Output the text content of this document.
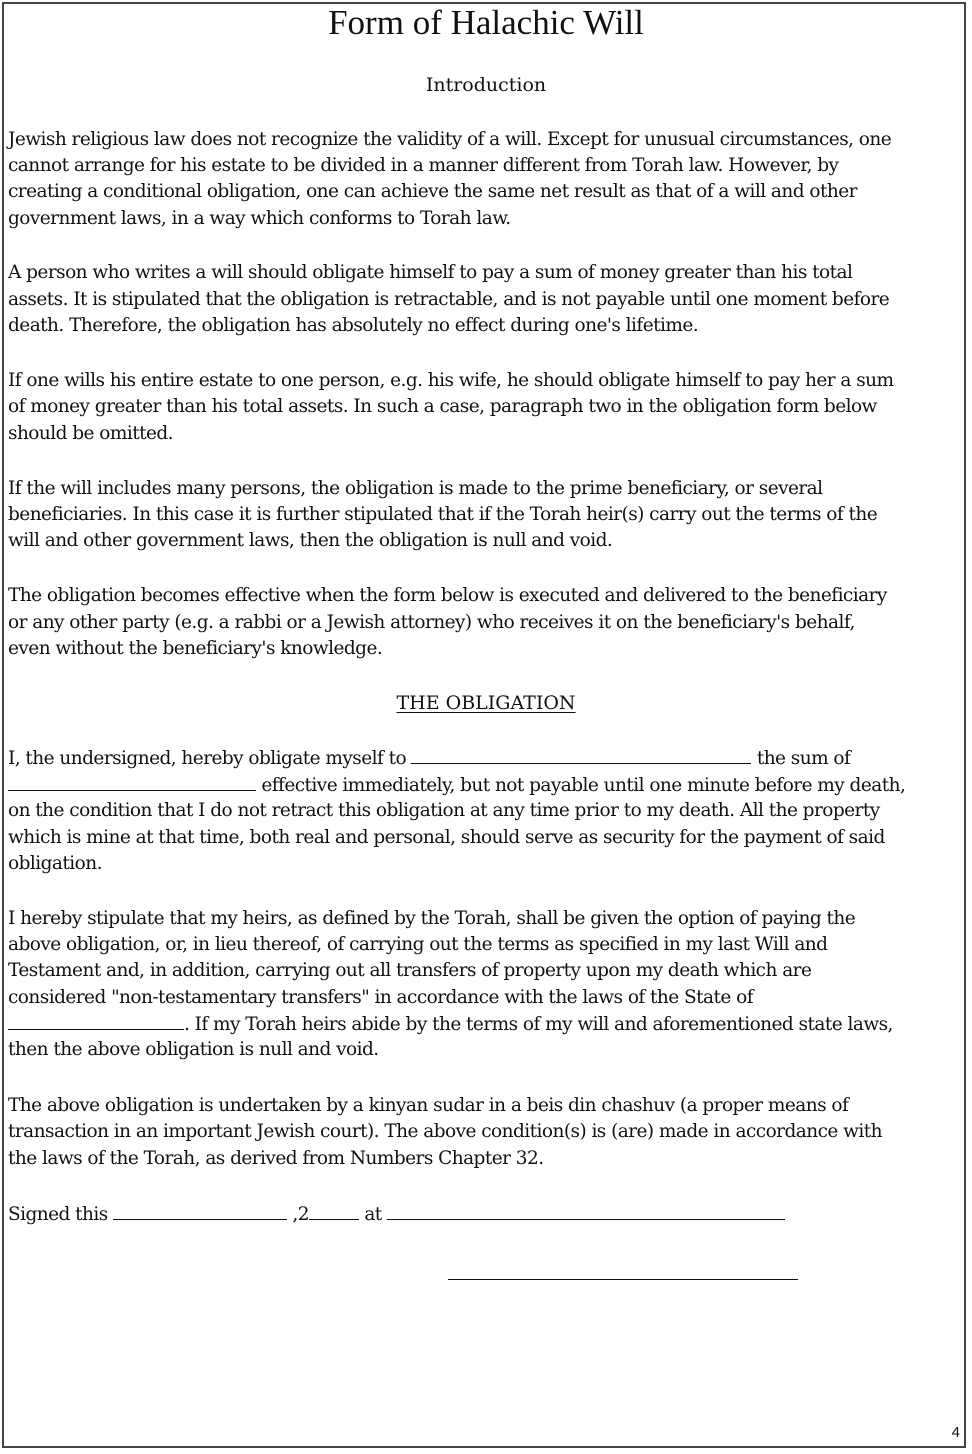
Form of Halachic Will
Introduction
Jewish religious law does not recognize the validity of a will. Except for unusual circumstances, one
cannot arrange for his estate to be divided in a manner different from Torah law. However, by
creating a conditional obligation, one can achieve the same net result as that of a will and other
government laws, in a way which conforms to Torah law.
A person who writes a will should obligate himself to pay a sum of money greater than his total
assets. It is stipulated that the obligation is retractable, and is not payable until one moment before
death. Therefore, the obligation has absolutely no effect during one's lifetime.
If one wills his entire estate to one person, e.g. his wife, he should obligate himself to pay her a sum
of money greater than his total assets. In such a case, paragraph two in the obligation form below
should be omitted.
If the will includes many persons, the obligation is made to the prime beneficiary, or several
beneficiaries. In this case it is further stipulated that if the Torah heir(s) carry out the terms of the
will and other government laws, then the obligation is null and void.
The obligation becomes effective when the form below is executed and delivered to the beneficiary
or any other party (e.g. a rabbi or a Jewish attorney) who receives it on the beneficiary's behalf,
even without the beneficiary's knowledge.
THE OBLIGATION
I, the undersigned, hereby obligate myself to	the sum of
effective immediately, but not payable until one minute before my death,
on the condition that I do not retract this obligation at any time prior to my death. All the property
which is mine at that time, both real and personal, should serve as security for the payment of said
obligation.
I hereby stipulate that my heirs, as defined by the Torah, shall be given the option of paying the
above obligation, or, in lieu thereof, of carrying out the terms as specified in my last Will and
Testament and, in addition, carrying out all transfers of property upon my death which are
considered "non-testamentary transfers" in accordance with the laws of the State of
. If my Torah heirs abide by the terms of my will and aforementioned state laws,
then the above obligation is null and void.
The above obligation is undertaken by a kinyan sudar in a beis din chashuv (a proper means of
transaction in an important Jewish court). The above condition(s) is (are) made in accordance with
the laws of the Torah, as derived from Numbers Chapter 32.
Signed this	,2	at
4
